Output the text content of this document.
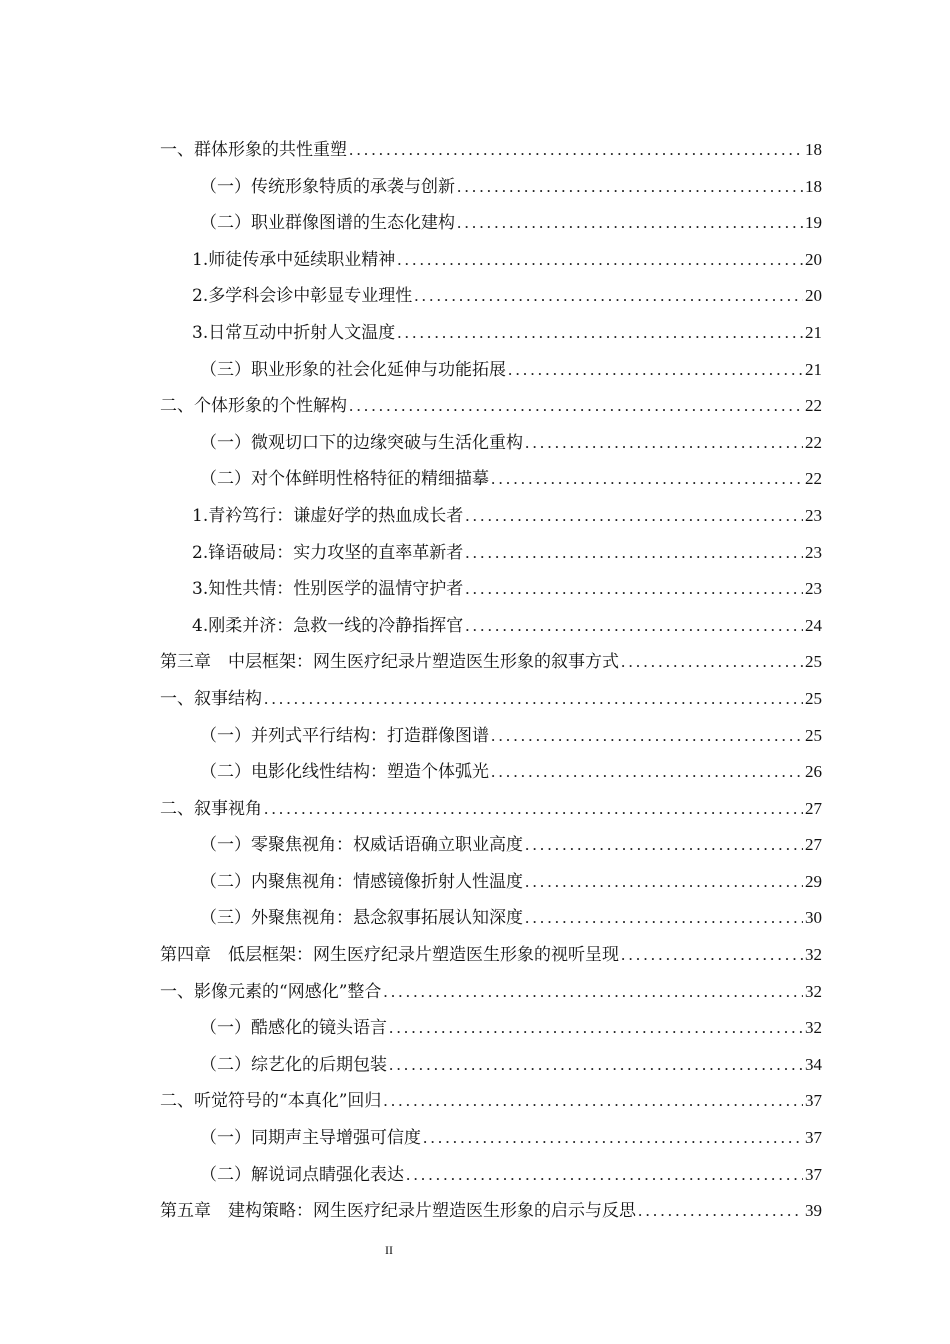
一、群体形象的共性重塑 .....	18
（一）传统形象特质的承袭与创新 .....	18
（二）职业群像图谱的生态化建构 .....	19
1.师徒传承中延续职业精神 .....	20
2.多学科会诊中彰显专业理性 .....	20
3.日常互动中折射人文温度 .....	21
（三）职业形象的社会化延伸与功能拓展 .....	21
二、个体形象的个性解构 .....	22
（一）微观切口下的边缘突破与生活化重构 .....	22
（二）对个体鲜明性格特征的精细描摹 .....	22
1.青衿笃行：谦虚好学的热血成长者 .....	23
2.锋语破局：实力攻坚的直率革新者 .....	23
3.知性共情：性别医学的温情守护者 .....	23
4.刚柔并济：急救一线的冷静指挥官 .....	24
第三章　中层框架：网生医疗纪录片塑造医生形象的叙事方式 .....	25
一、叙事结构 .....	25
（一）并列式平行结构：打造群像图谱 .....	25
（二）电影化线性结构：塑造个体弧光 .....	26
二、叙事视角 .....	27
（一）零聚焦视角：权威话语确立职业高度 .....	27
（二）内聚焦视角：情感镜像折射人性温度 .....	29
（三）外聚焦视角：悬念叙事拓展认知深度 .....	30
第四章　低层框架：网生医疗纪录片塑造医生形象的视听呈现 .....	32
一、影像元素的“网感化”整合 .....	32
（一）酷感化的镜头语言 .....	32
（二）综艺化的后期包装 .....	34
二、听觉符号的“本真化”回归 .....	37
（一）同期声主导增强可信度 .....	37
（二）解说词点睛强化表达 .....	37
第五章　建构策略：网生医疗纪录片塑造医生形象的启示与反思 .....	39
II
